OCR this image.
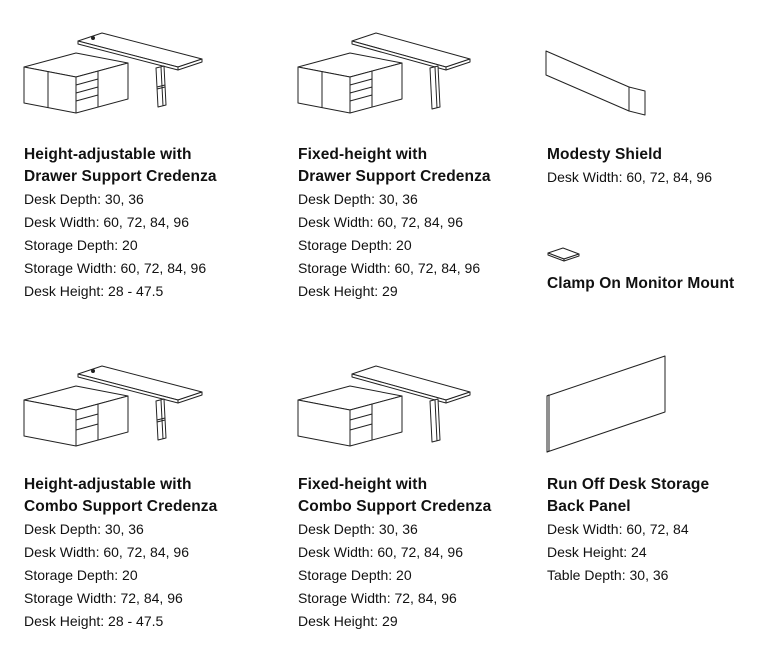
Height-adjustable with

Drawer Support Credenza

Desk Depth: 30, 36

Desk Width: 60, 72, 84, 96

Storage Depth: 20

Storage Width: 60, 72, 84, 96

Desk Height: 28 - 47.5

Fixed-height with

Drawer Support Credenza

Desk Depth: 30, 36

Desk Width: 60, 72, 84, 96

Storage Depth: 20

Storage Width: 60, 72, 84, 96

Desk Height: 29

Modesty Shield

Desk Width: 60, 72, 84, 96

Clamp On Monitor Mount

Height-adjustable with

Combo Support Credenza

Desk Depth: 30, 36

Desk Width: 60, 72, 84, 96

Storage Depth: 20

Storage Width: 72, 84, 96

Desk Height: 28 - 47.5

Fixed-height with

Combo Support Credenza

Desk Depth: 30, 36

Desk Width: 60, 72, 84, 96

Storage Depth: 20

Storage Width: 72, 84, 96

Desk Height: 29

Run Off Desk Storage

Back Panel

Desk Width: 60, 72, 84

Desk Height: 24

Table Depth: 30, 36
